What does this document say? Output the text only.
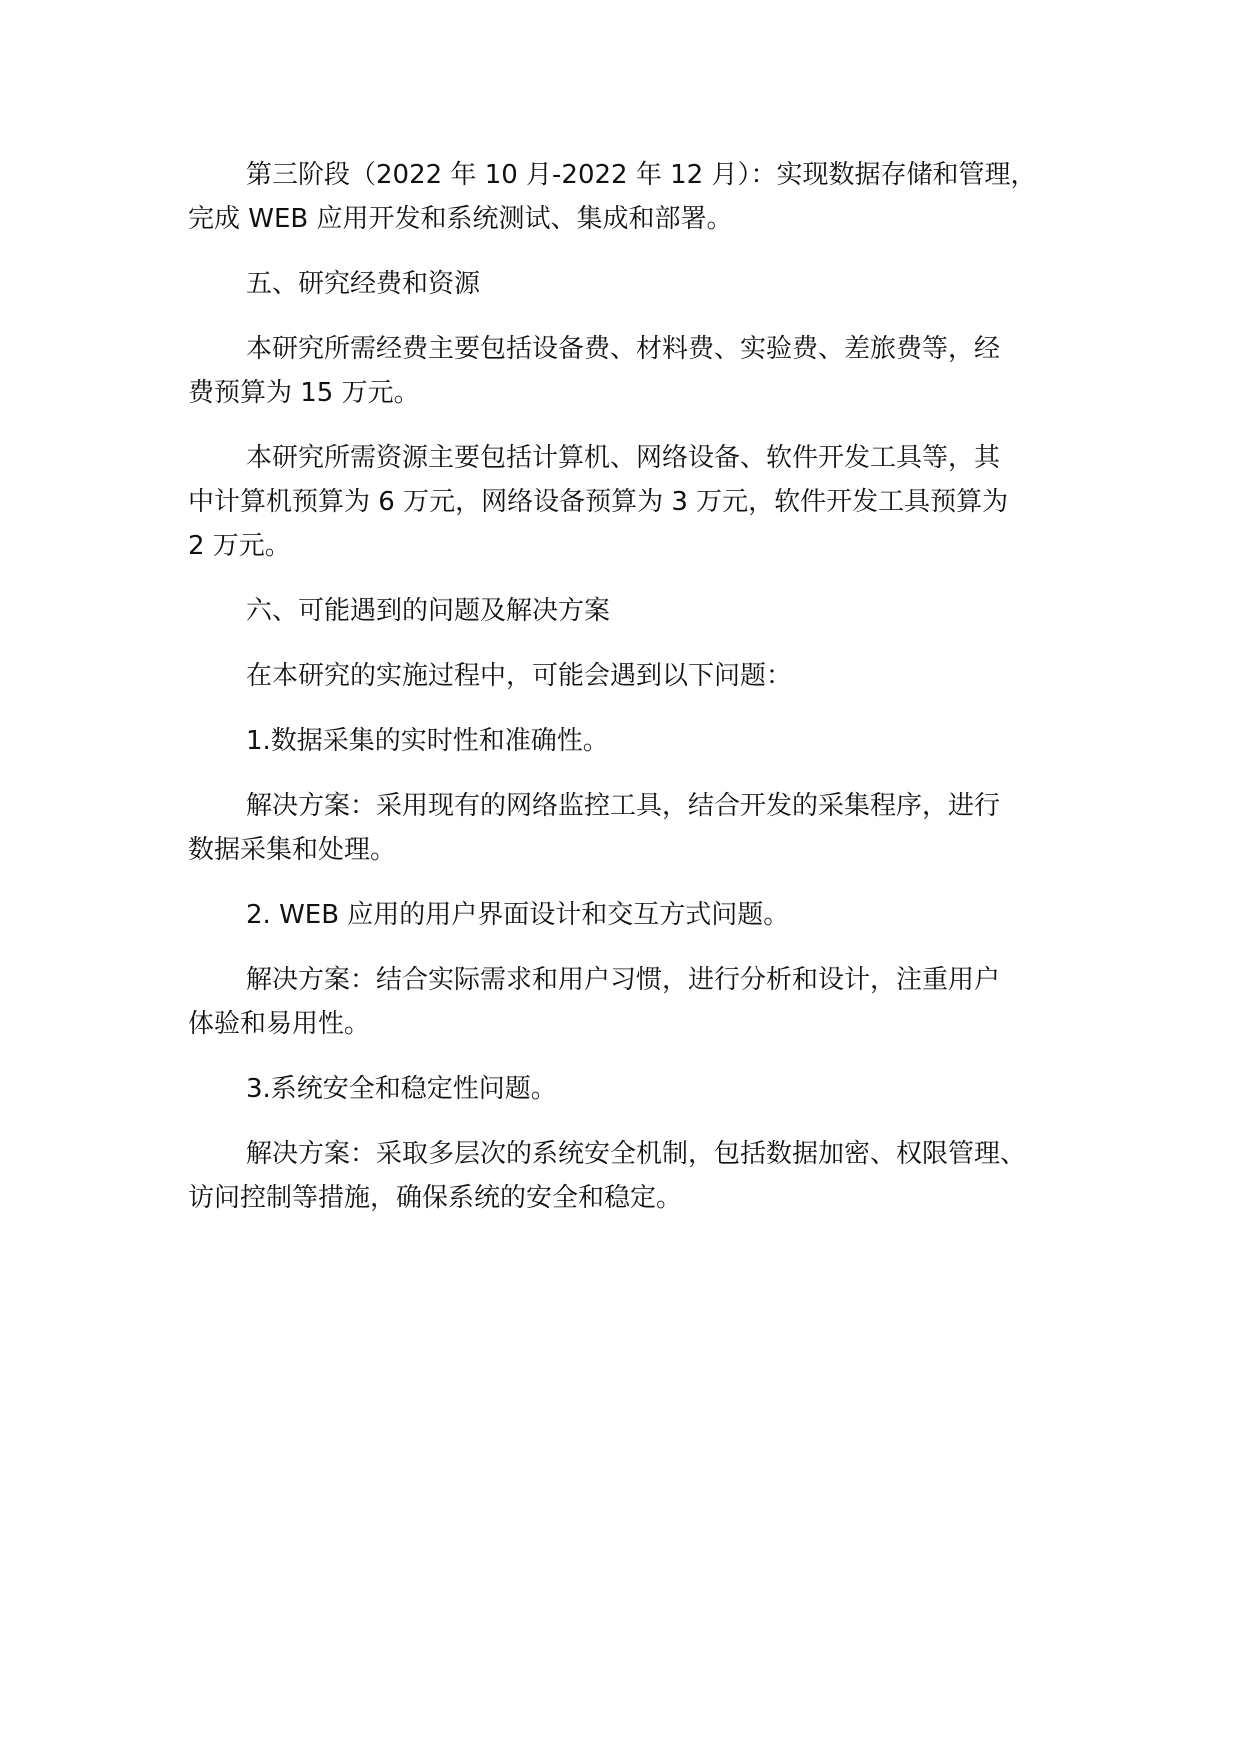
第三阶段（2022 年 10 月-2022 年 12 月）：实现数据存储和管理，
完成 WEB 应用开发和系统测试、集成和部署。
五、研究经费和资源
本研究所需经费主要包括设备费、材料费、实验费、差旅费等，经
费预算为 15 万元。
本研究所需资源主要包括计算机、网络设备、软件开发工具等，其
中计算机预算为 6 万元，网络设备预算为 3 万元，软件开发工具预算为
2 万元。
六、可能遇到的问题及解决方案
在本研究的实施过程中，可能会遇到以下问题：
1.数据采集的实时性和准确性。
解决方案：采用现有的网络监控工具，结合开发的采集程序，进行
数据采集和处理。
2. WEB 应用的用户界面设计和交互方式问题。
解决方案：结合实际需求和用户习惯，进行分析和设计，注重用户
体验和易用性。
3.系统安全和稳定性问题。
解决方案：采取多层次的系统安全机制，包括数据加密、权限管理、
访问控制等措施，确保系统的安全和稳定。
